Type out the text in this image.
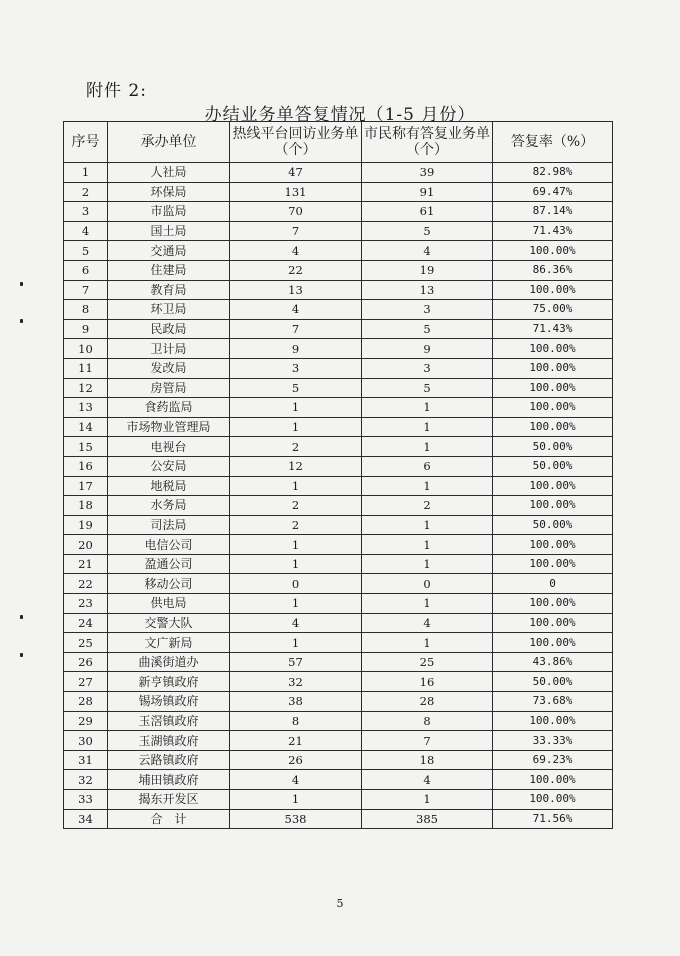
附件 2:
办结业务单答复情况（1-5 月份）
序号	承办单位	热线平台回访业务单（个）	市民称有答复业务单（个）	答复率（%）
1	人社局	47	39	82.98%
2	环保局	131	91	69.47%
3	市监局	70	61	87.14%
4	国土局	7	5	71.43%
5	交通局	4	4	100.00%
6	住建局	22	19	86.36%
7	教育局	13	13	100.00%
8	环卫局	4	3	75.00%
9	民政局	7	5	71.43%
10	卫计局	9	9	100.00%
11	发改局	3	3	100.00%
12	房管局	5	5	100.00%
13	食药监局	1	1	100.00%
14	市场物业管理局	1	1	100.00%
15	电视台	2	1	50.00%
16	公安局	12	6	50.00%
17	地税局	1	1	100.00%
18	水务局	2	2	100.00%
19	司法局	2	1	50.00%
20	电信公司	1	1	100.00%
21	盈通公司	1	1	100.00%
22	移动公司	0	0	0
23	供电局	1	1	100.00%
24	交警大队	4	4	100.00%
25	文广新局	1	1	100.00%
26	曲溪街道办	57	25	43.86%
27	新亨镇政府	32	16	50.00%
28	锡场镇政府	38	28	73.68%
29	玉滘镇政府	8	8	100.00%
30	玉湖镇政府	21	7	33.33%
31	云路镇政府	26	18	69.23%
32	埔田镇政府	4	4	100.00%
33	揭东开发区	1	1	100.00%
34	合　计	538	385	71.56%
5
